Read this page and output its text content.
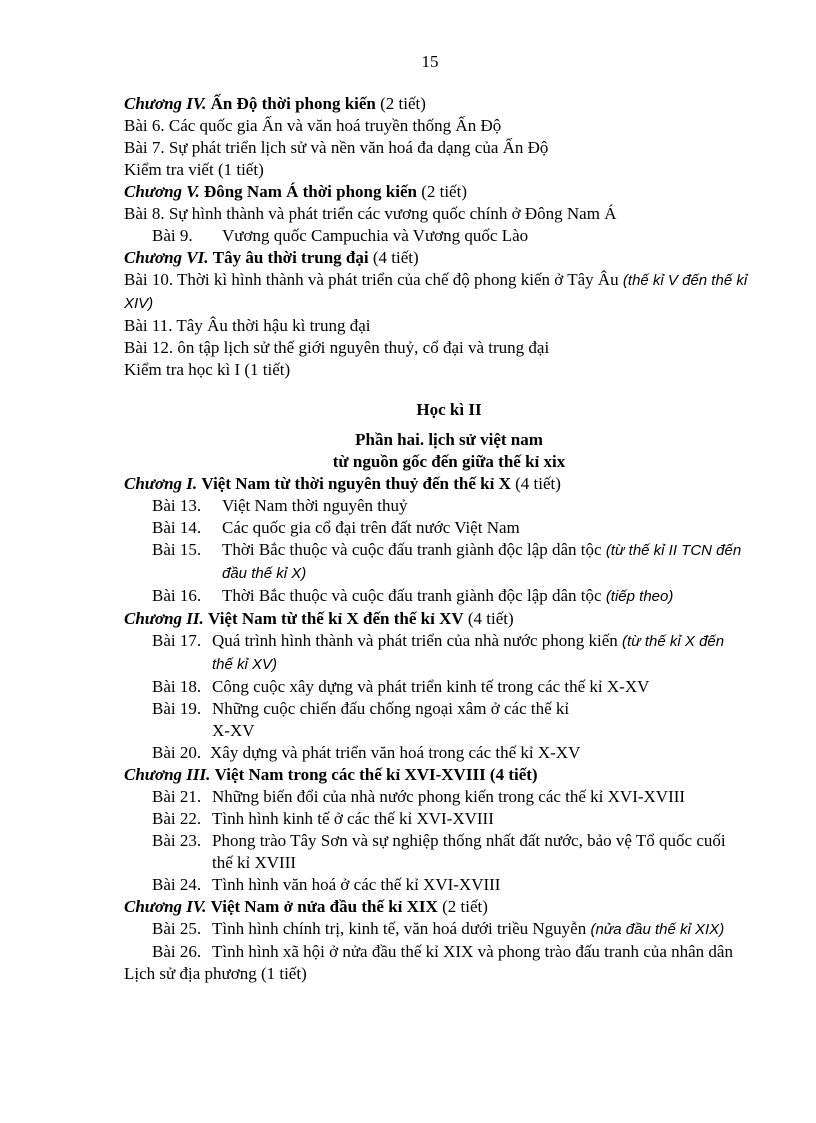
15
Chương IV. Ấn Độ thời phong kiến (2 tiết)
Bài 6. Các quốc gia Ấn và văn hoá truyền thống Ấn Độ
Bài 7. Sự phát triển lịch sử và nền văn hoá đa dạng của Ấn Độ
Kiểm tra viết (1 tiết)
Chương V. Đông Nam Á thời phong kiến (2 tiết)
Bài 8. Sự hình thành và phát triển các vương quốc chính ở Đông Nam Á
Bài 9.	Vương quốc Campuchia và Vương quốc Lào
Chương VI. Tây âu thời trung đại (4 tiết)
Bài 10. Thời kì hình thành và phát triển của chế độ phong kiến ở Tây Âu (thế kỉ V đến thế kỉ XIV)
Bài 11. Tây Âu thời hậu kì trung đại
Bài 12. ôn tập lịch sử thế giới nguyên thuỷ, cổ đại và trung đại
Kiểm tra học kì I (1 tiết)
Học kì II
Phần hai. lịch sử việt nam
từ nguồn gốc đến giữa thế kỉ xix
Chương I. Việt Nam từ thời nguyên thuỷ đến thế kỉ X (4 tiết)
Bài 13.	Việt Nam thời nguyên thuỷ
Bài 14.	Các quốc gia cổ đại trên đất nước Việt Nam
Bài 15.	Thời Bắc thuộc và cuộc đấu tranh giành độc lập dân tộc (từ thế kỉ II TCN đến đầu thế kỉ X)
Bài 16.	Thời Bắc thuộc và cuộc đấu tranh giành độc lập dân tộc (tiếp theo)
Chương II. Việt Nam từ thế kỉ X đến thế kỉ XV (4 tiết)
Bài 17. Quá trình hình thành và phát triển của nhà nước phong kiến (từ thế kỉ X đến thế kỉ XV)
Bài 18. Công cuộc xây dựng và phát triển kinh tế trong các thế kỉ X-XV
Bài 19. Những cuộc chiến đấu chống ngoại xâm ở các thế kỉ
X-XV
Bài 20. Xây dựng và phát triển văn hoá trong các thế kỉ X-XV
Chương III. Việt Nam trong các thế kỉ XVI-XVIII (4 tiết)
Bài 21. Những biến đổi của nhà nước phong kiến trong các thế kỉ XVI-XVIII
Bài 22. Tình hình kinh tế ở các thế kỉ XVI-XVIII
Bài 23. Phong trào Tây Sơn và sự nghiệp thống nhất đất nước, bảo vệ Tổ quốc cuối thế kỉ XVIII
Bài 24. Tình hình văn hoá ở các thế kỉ XVI-XVIII
Chương IV. Việt Nam ở nửa đầu thế kỉ XIX (2 tiết)
Bài 25. Tình hình chính trị, kinh tế, văn hoá dưới triều Nguyễn (nửa đầu thế kỉ XIX)
Bài 26. Tình hình xã hội ở nửa đầu thế kỉ XIX và phong trào đấu tranh của nhân dân
Lịch sử địa phương (1 tiết)
